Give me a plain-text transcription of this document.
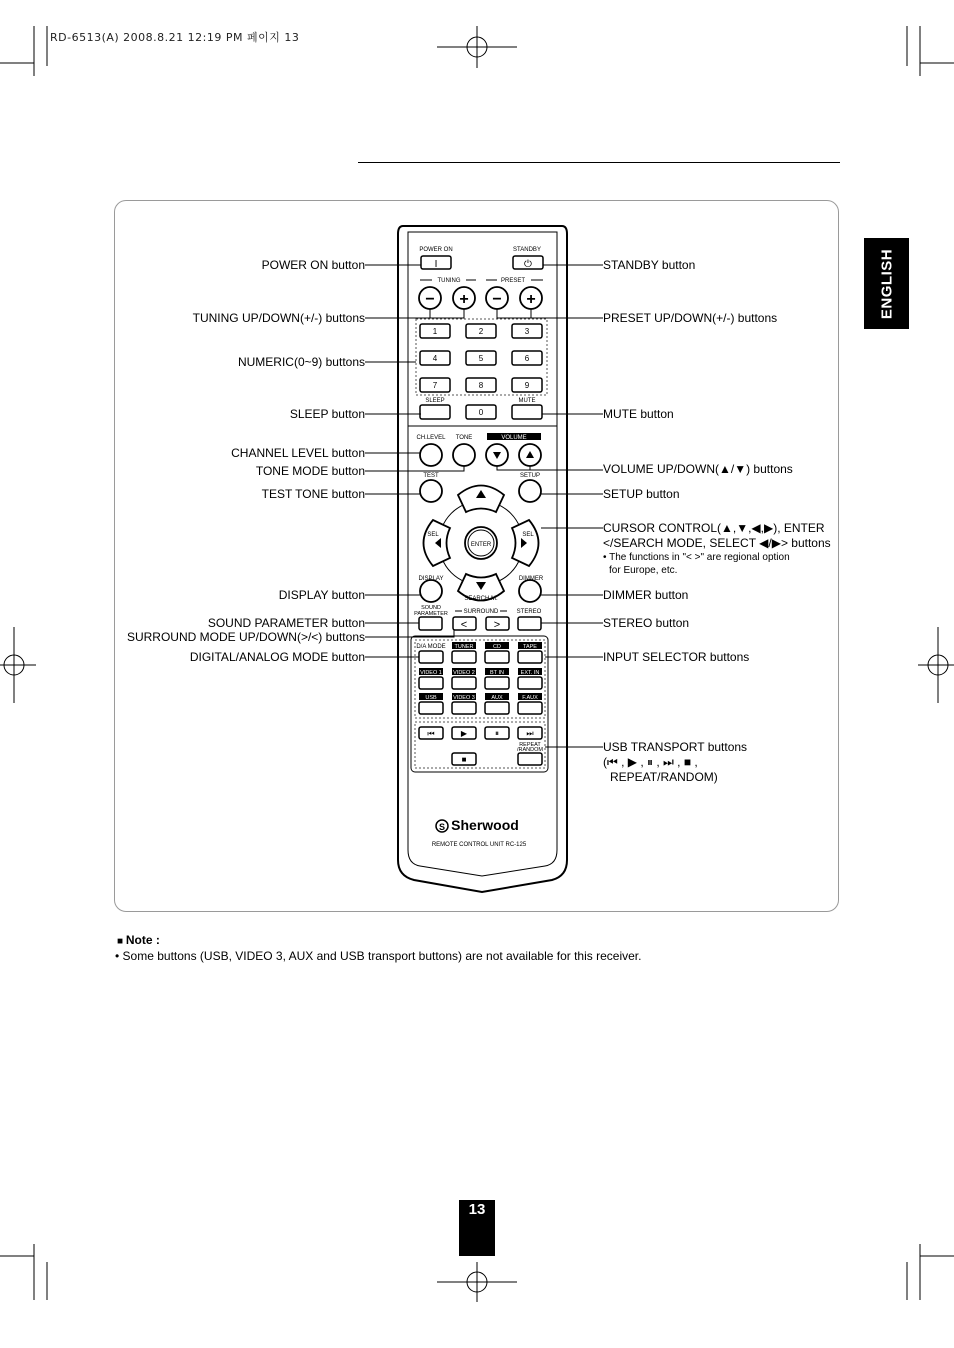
RD-6513(A) 2008.8.21 12:19 PM 페이지 13
ENGLISH
POWER ON	STANDBY
I	⏻
TUNING	PRESET
− + − +
1	2	3
4	5	6
7	8	9
0
SLEEP	MUTE
CH.LEVEL TONE	VOLUME
TEST	SETUP
ENTER
SEL	SEL
SEARCH M.
DISPLAY	DIMMER
SOUND
PARAMETER	SURROUND	STEREO
< >
D/A MODE TUNER	CD	TAPE
VIDEO 1 VIDEO 2	BT IN	EXT. IN
USB	VIDEO 3	AUX	F.AUX
⏮	▶	⏸	⏭
■
REPEAT
/RANDOM
S Sherwood
REMOTE CONTROL UNIT RC-125
POWER ON button
TUNING UP/DOWN(+/-) buttons
NUMERIC(0~9) buttons
SLEEP button
CHANNEL LEVEL button
TONE MODE button
TEST TONE button
DISPLAY button
SOUND PARAMETER button
SURROUND MODE UP/DOWN(>/<) buttons
DIGITAL/ANALOG MODE button
STANDBY button
PRESET UP/DOWN(+/-) buttons
MUTE button
VOLUME UP/DOWN(▲/▼) buttons
SETUP button
CURSOR CONTROL(▲,▼,◀,▶), ENTER
</SEARCH MODE, SELECT ◀/▶> buttons
• The functions in "< >" are regional option
for Europe, etc.
DIMMER button
STEREO button
INPUT SELECTOR buttons
USB TRANSPORT buttons
(⏮ , ▶ , ⏸ , ⏭ , ■ ,
REPEAT/RANDOM)
■ Note :
• Some buttons (USB, VIDEO 3, AUX and USB transport buttons) are not available for this receiver.
13
